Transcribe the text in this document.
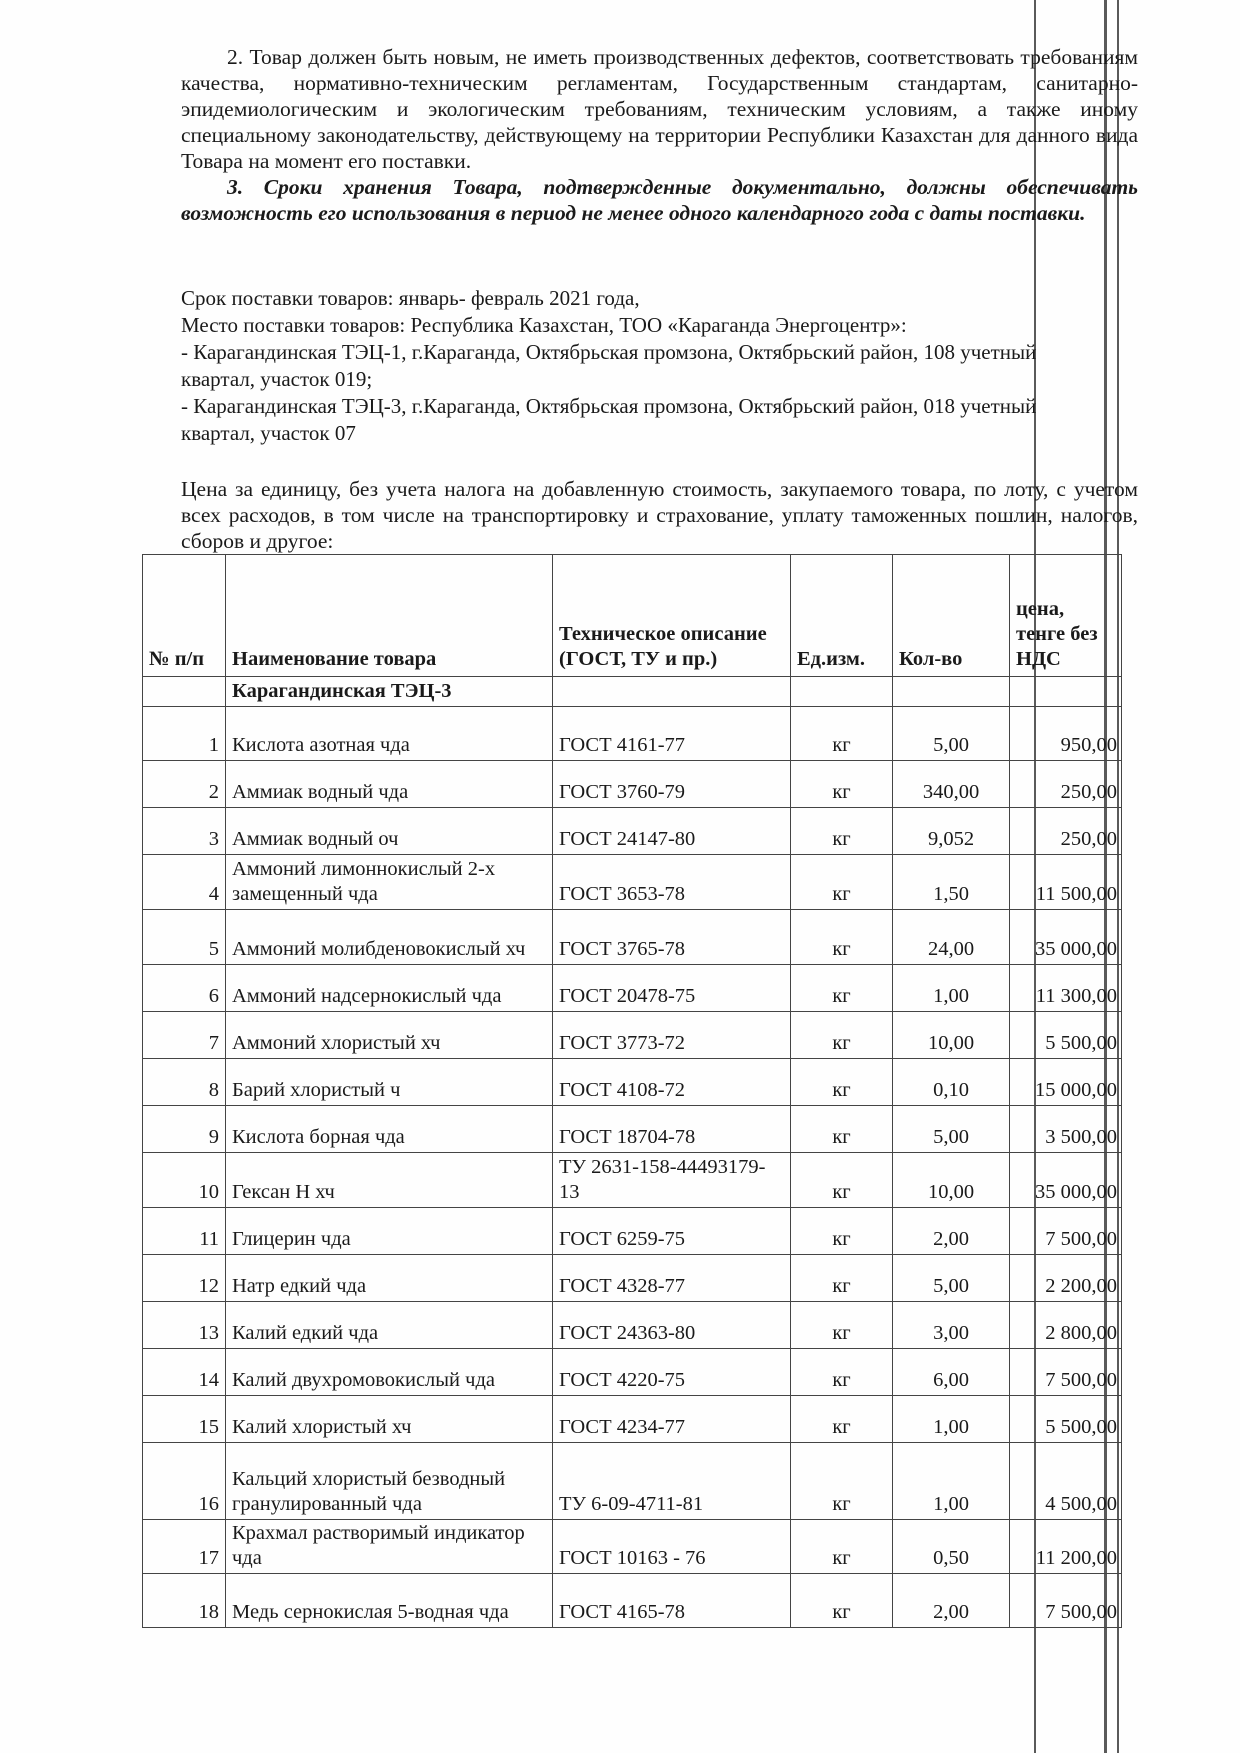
2. Товар должен быть новым, не иметь производственных дефектов, соответствовать требованиям качества, нормативно-техническим регламентам, Государственным стандартам, санитарно-эпидемиологическим и экологическим требованиям, техническим условиям, а также иному специальному законодательству, действующему на территории Республики Казахстан для данного вида Товара на момент его поставки.
3. Сроки хранения Товара, подтвержденные документально, должны обеспечивать возможность его использования в период не менее одного календарного года с даты поставки.
Срок поставки товаров: январь- февраль 2021 года,
Место поставки товаров: Республика Казахстан, ТОО «Караганда Энергоцентр»:
- Карагандинская ТЭЦ-1, г.Караганда, Октябрьская промзона, Октябрьский район, 108 учетный
квартал, участок 019;
- Карагандинская ТЭЦ-3, г.Караганда, Октябрьская промзона, Октябрьский район, 018 учетный
квартал, участок 07
Цена за единицу, без учета налога на добавленную стоимость, закупаемого товара, по лоту, с учетом всех расходов, в том числе на транспортировку и страхование, уплату таможенных пошлин, налогов, сборов и другое:
№ п/п	Наименование товара	Техническое описание (ГОСТ, ТУ и пр.)	Ед.изм.	Кол-во	цена, тенге без НДС
	Карагандинская ТЭЦ-3				
1	Кислота азотная чда	ГОСТ 4161-77	кг	5,00	950,00
2	Аммиак водный чда	ГОСТ 3760-79	кг	340,00	250,00
3	Аммиак водный оч	ГОСТ 24147-80	кг	9,052	250,00
4	Аммоний лимоннокислый 2-х замещенный чда	ГОСТ 3653-78	кг	1,50	11 500,00
5	Аммоний молибденовокислый хч	ГОСТ 3765-78	кг	24,00	35 000,00
6	Аммоний надсернокислый чда	ГОСТ 20478-75	кг	1,00	11 300,00
7	Аммоний хлористый хч	ГОСТ 3773-72	кг	10,00	5 500,00
8	Барий хлористый ч	ГОСТ 4108-72	кг	0,10	15 000,00
9	Кислота борная чда	ГОСТ 18704-78	кг	5,00	3 500,00
10	Гексан Н хч	ТУ 2631-158-44493179-13	кг	10,00	35 000,00
11	Глицерин чда	ГОСТ 6259-75	кг	2,00	7 500,00
12	Натр едкий чда	ГОСТ 4328-77	кг	5,00	2 200,00
13	Калий едкий чда	ГОСТ 24363-80	кг	3,00	2 800,00
14	Калий двухромовокислый чда	ГОСТ 4220-75	кг	6,00	7 500,00
15	Калий хлористый хч	ГОСТ 4234-77	кг	1,00	5 500,00
16	Кальций хлористый безводный гранулированный чда	ТУ 6-09-4711-81	кг	1,00	4 500,00
17	Крахмал растворимый индикатор чда	ГОСТ 10163 - 76	кг	0,50	11 200,00
18	Медь сернокислая 5-водная чда	ГОСТ 4165-78	кг	2,00	7 500,00
